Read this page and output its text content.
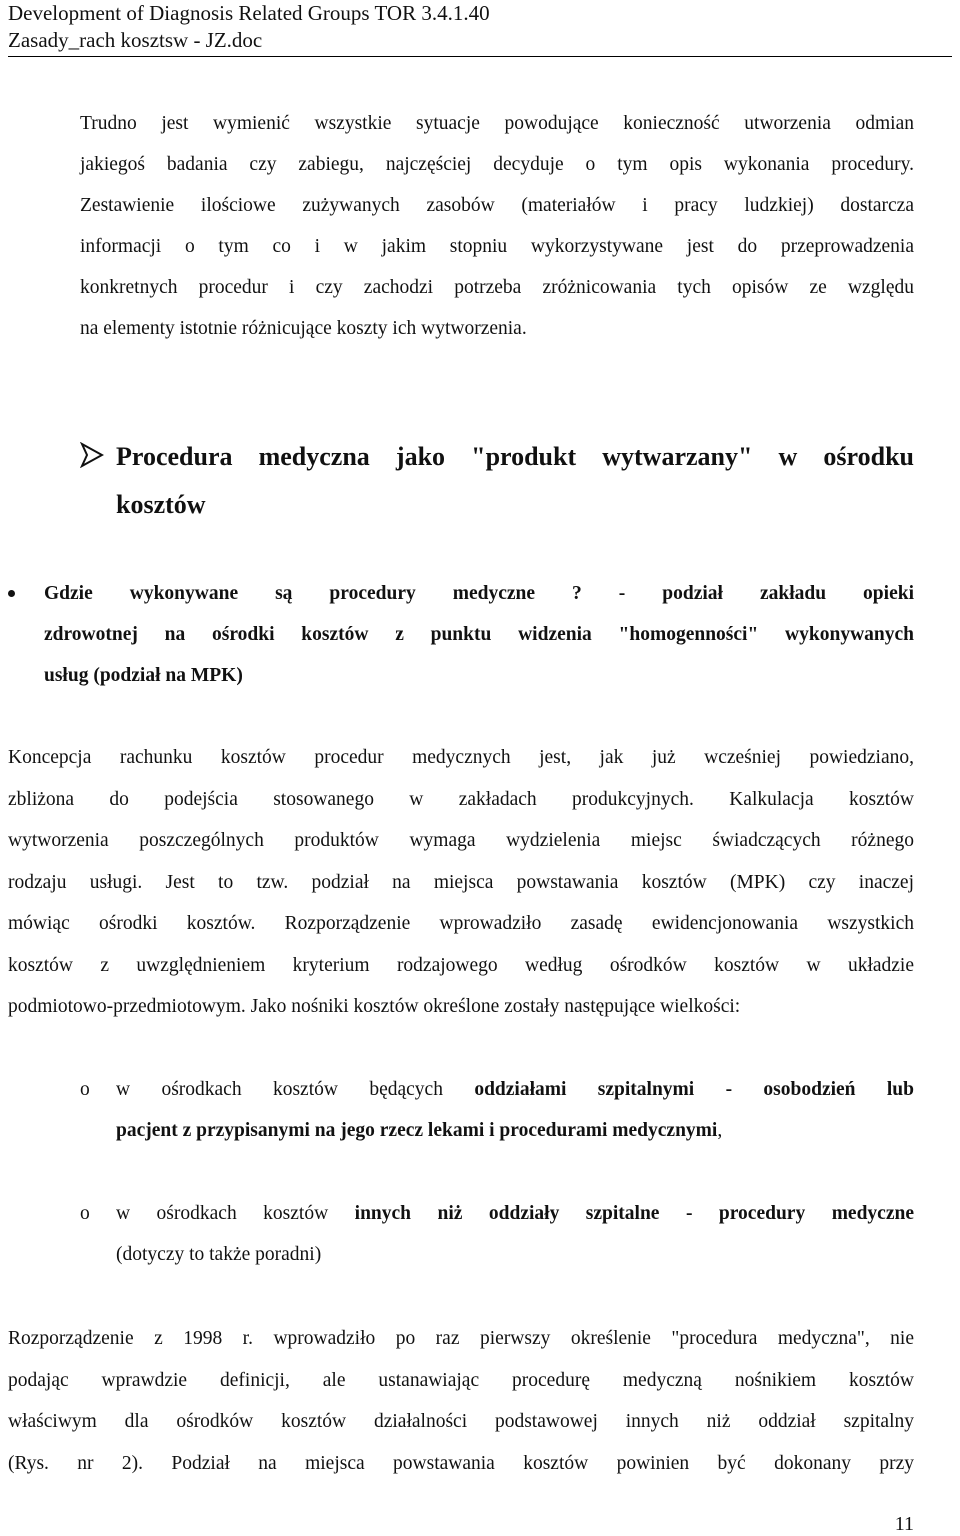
Development of Diagnosis Related Groups TOR 3.4.1.40
Zasady_rach kosztsw - JZ.doc
Trudno jest wymienić wszystkie sytuacje powodujące konieczność utworzenia odmian
jakiegoś badania czy zabiegu, najczęściej decyduje o tym opis wykonania procedury.
Zestawienie ilościowe zużywanych zasobów (materiałów i pracy ludzkiej) dostarcza
informacji o tym co i w jakim stopniu wykorzystywane jest do przeprowadzenia
konkretnych procedur i czy zachodzi potrzeba zróżnicowania tych opisów ze względu
na elementy istotnie różnicujące koszty ich wytworzenia.
Procedura medyczna jako "produkt wytwarzany" w ośrodku
kosztów
Gdzie wykonywane są procedury medyczne ? - podział zakładu opieki
zdrowotnej na ośrodki kosztów z punktu widzenia "homogenności" wykonywanych
usług (podział na MPK)
Koncepcja rachunku kosztów procedur medycznych jest, jak już wcześniej powiedziano,
zbliżona do podejścia stosowanego w zakładach produkcyjnych. Kalkulacja kosztów
wytworzenia poszczególnych produktów wymaga wydzielenia miejsc świadczących różnego
rodzaju usługi. Jest to tzw. podział na miejsca powstawania kosztów (MPK) czy inaczej
mówiąc ośrodki kosztów. Rozporządzenie wprowadziło zasadę ewidencjonowania wszystkich
kosztów z uwzględnieniem kryterium rodzajowego według ośrodków kosztów w układzie
podmiotowo-przedmiotowym. Jako nośniki kosztów określone zostały następujące wielkości:
o w ośrodkach kosztów będących oddziałami szpitalnymi - osobodzień lub
pacjent z przypisanymi na jego rzecz lekami i procedurami medycznymi,
o w ośrodkach kosztów innych niż oddziały szpitalne - procedury medyczne
(dotyczy to także poradni)
Rozporządzenie z 1998 r. wprowadziło po raz pierwszy określenie "procedura medyczna", nie
podając wprawdzie definicji, ale ustanawiając procedurę medyczną nośnikiem kosztów
właściwym dla ośrodków kosztów działalności podstawowej innych niż oddział szpitalny
(Rys. nr 2). Podział na miejsca powstawania kosztów powinien być dokonany przy
11
